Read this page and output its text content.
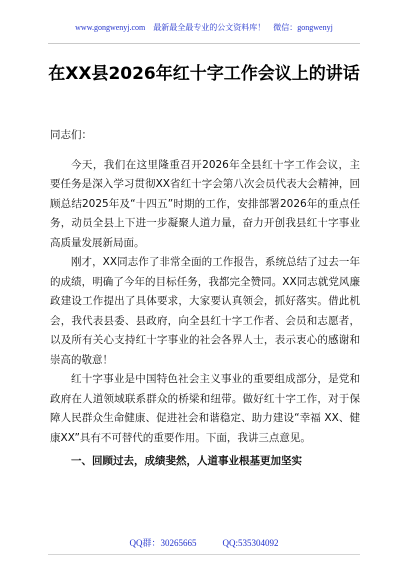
www.gongwenyj.com 最新最全最专业的公文资料库！ 微信：gongwenyj
在XX县2026年红十字工作会议上的讲话

同志们：

今天，我们在这里隆重召开2026年全县红十字工作会议，主要任务是深入学习贯彻XX省红十字会第八次会员代表大会精神，回顾总结2025年及“十四五”时期的工作，安排部署2026年的重点任务，动员全县上下进一步凝聚人道力量，奋力开创我县红十字事业高质量发展新局面。

刚才，XX同志作了非常全面的工作报告，系统总结了过去一年的成绩，明确了今年的目标任务，我都完全赞同。XX同志就党风廉政建设工作提出了具体要求，大家要认真领会，抓好落实。借此机会，我代表县委、县政府，向全县红十字工作者、会员和志愿者，以及所有关心支持红十字事业的社会各界人士，表示衷心的感谢和崇高的敬意！

红十字事业是中国特色社会主义事业的重要组成部分，是党和政府在人道领域联系群众的桥梁和纽带。做好红十字工作，对于保障人民群众生命健康、促进社会和谐稳定、助力建设“幸福 XX、健康XX”具有不可替代的重要作用。下面，我讲三点意见。

一、回顾过去，成绩斐然，人道事业根基更加坚实

QQ群：30265665	QQ:535304092
